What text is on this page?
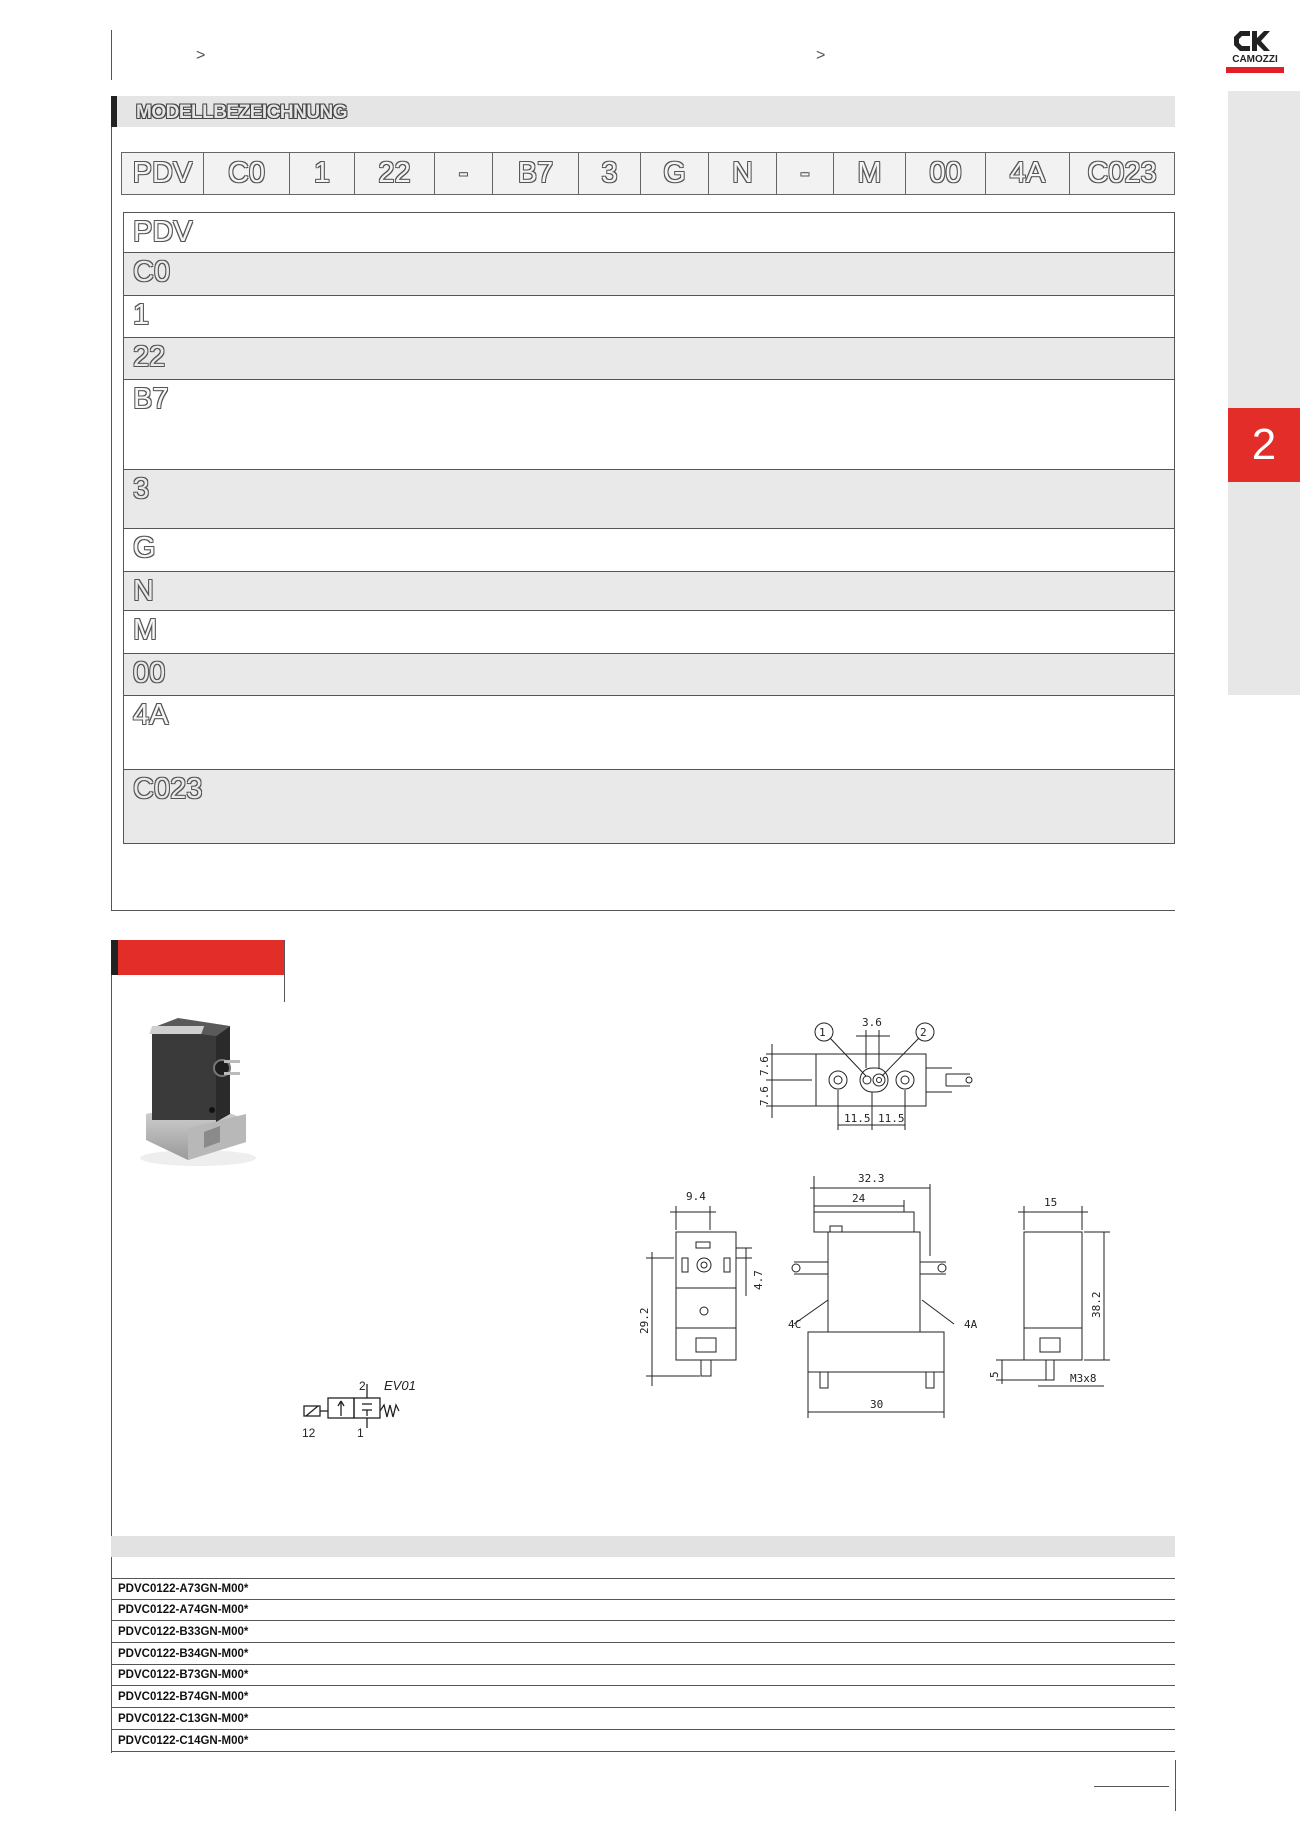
>	>	CAMOZZI
2
MODELLBEZEICHNUNG
PDV C0 1 22 - B7 3 G N - M 00 4A C023
PDV
C0
1
22
B7
3
G
N
M
00
4A
C023
2
12	1
EV01
1	2
3.6
7.6
7.6
11.5 11.5
9.4
4.7
29.2
32.3
24
30
4C	4A
15
38.2
5	M3x8
PDVC0122-A73GN-M00*
PDVC0122-A74GN-M00*
PDVC0122-B33GN-M00*
PDVC0122-B34GN-M00*
PDVC0122-B73GN-M00*
PDVC0122-B74GN-M00*
PDVC0122-C13GN-M00*
PDVC0122-C14GN-M00*
